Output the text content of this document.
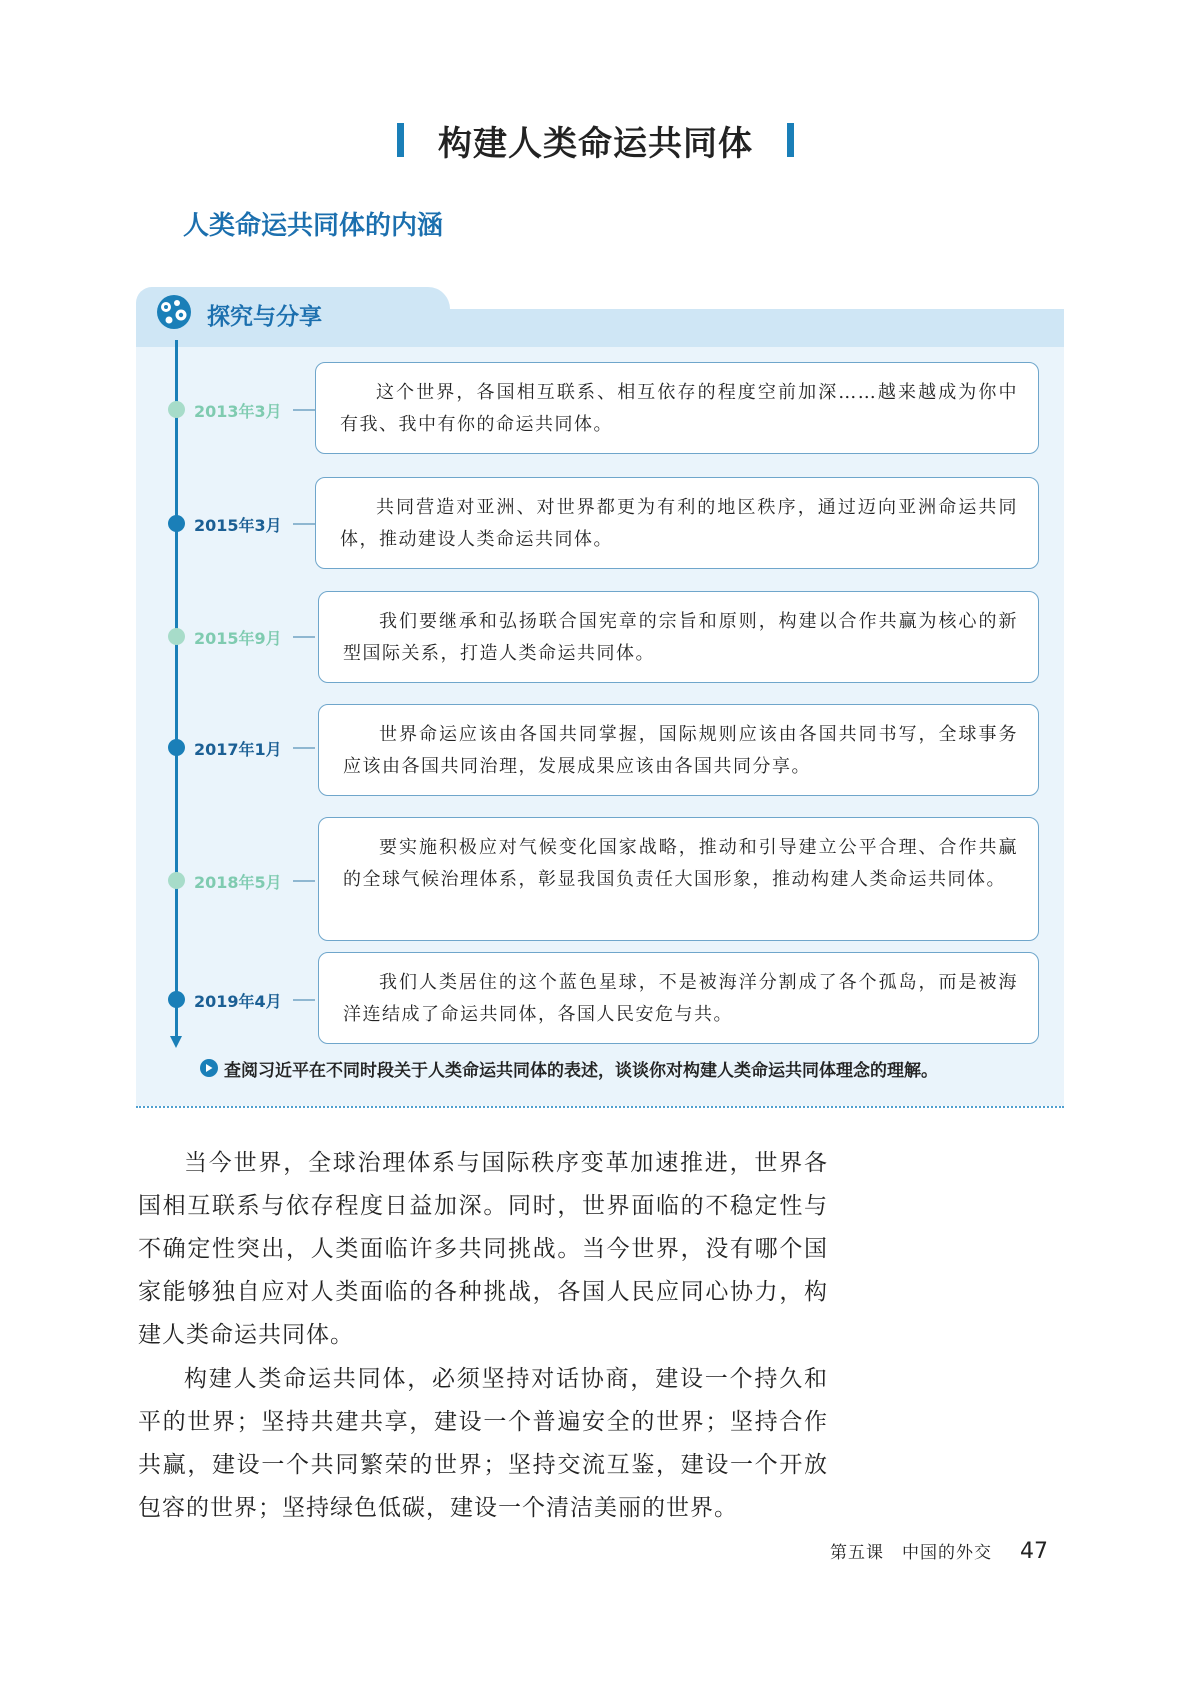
构建人类命运共同体
人类命运共同体的内涵
探究与分享
2013年3月
这个世界，各国相互联系、相互依存的程度空前加深……越来越成为你中有我、我中有你的命运共同体。
2015年3月
共同营造对亚洲、对世界都更为有利的地区秩序，通过迈向亚洲命运共同体，推动建设人类命运共同体。
2015年9月
我们要继承和弘扬联合国宪章的宗旨和原则，构建以合作共赢为核心的新型国际关系，打造人类命运共同体。
2017年1月
世界命运应该由各国共同掌握，国际规则应该由各国共同书写，全球事务应该由各国共同治理，发展成果应该由各国共同分享。
2018年5月
要实施积极应对气候变化国家战略，推动和引导建立公平合理、合作共赢的全球气候治理体系，彰显我国负责任大国形象，推动构建人类命运共同体。
2019年4月
我们人类居住的这个蓝色星球，不是被海洋分割成了各个孤岛，而是被海洋连结成了命运共同体，各国人民安危与共。
查阅习近平在不同时段关于人类命运共同体的表述，谈谈你对构建人类命运共同体理念的理解。

当今世界，全球治理体系与国际秩序变革加速推进，世界各国相互联系与依存程度日益加深。同时，世界面临的不稳定性与不确定性突出，人类面临许多共同挑战。当今世界，没有哪个国家能够独自应对人类面临的各种挑战，各国人民应同心协力，构建人类命运共同体。

构建人类命运共同体，必须坚持对话协商，建设一个持久和平的世界；坚持共建共享，建设一个普遍安全的世界；坚持合作共赢，建设一个共同繁荣的世界；坚持交流互鉴，建设一个开放包容的世界；坚持绿色低碳，建设一个清洁美丽的世界。

第五课　中国的外交 47
